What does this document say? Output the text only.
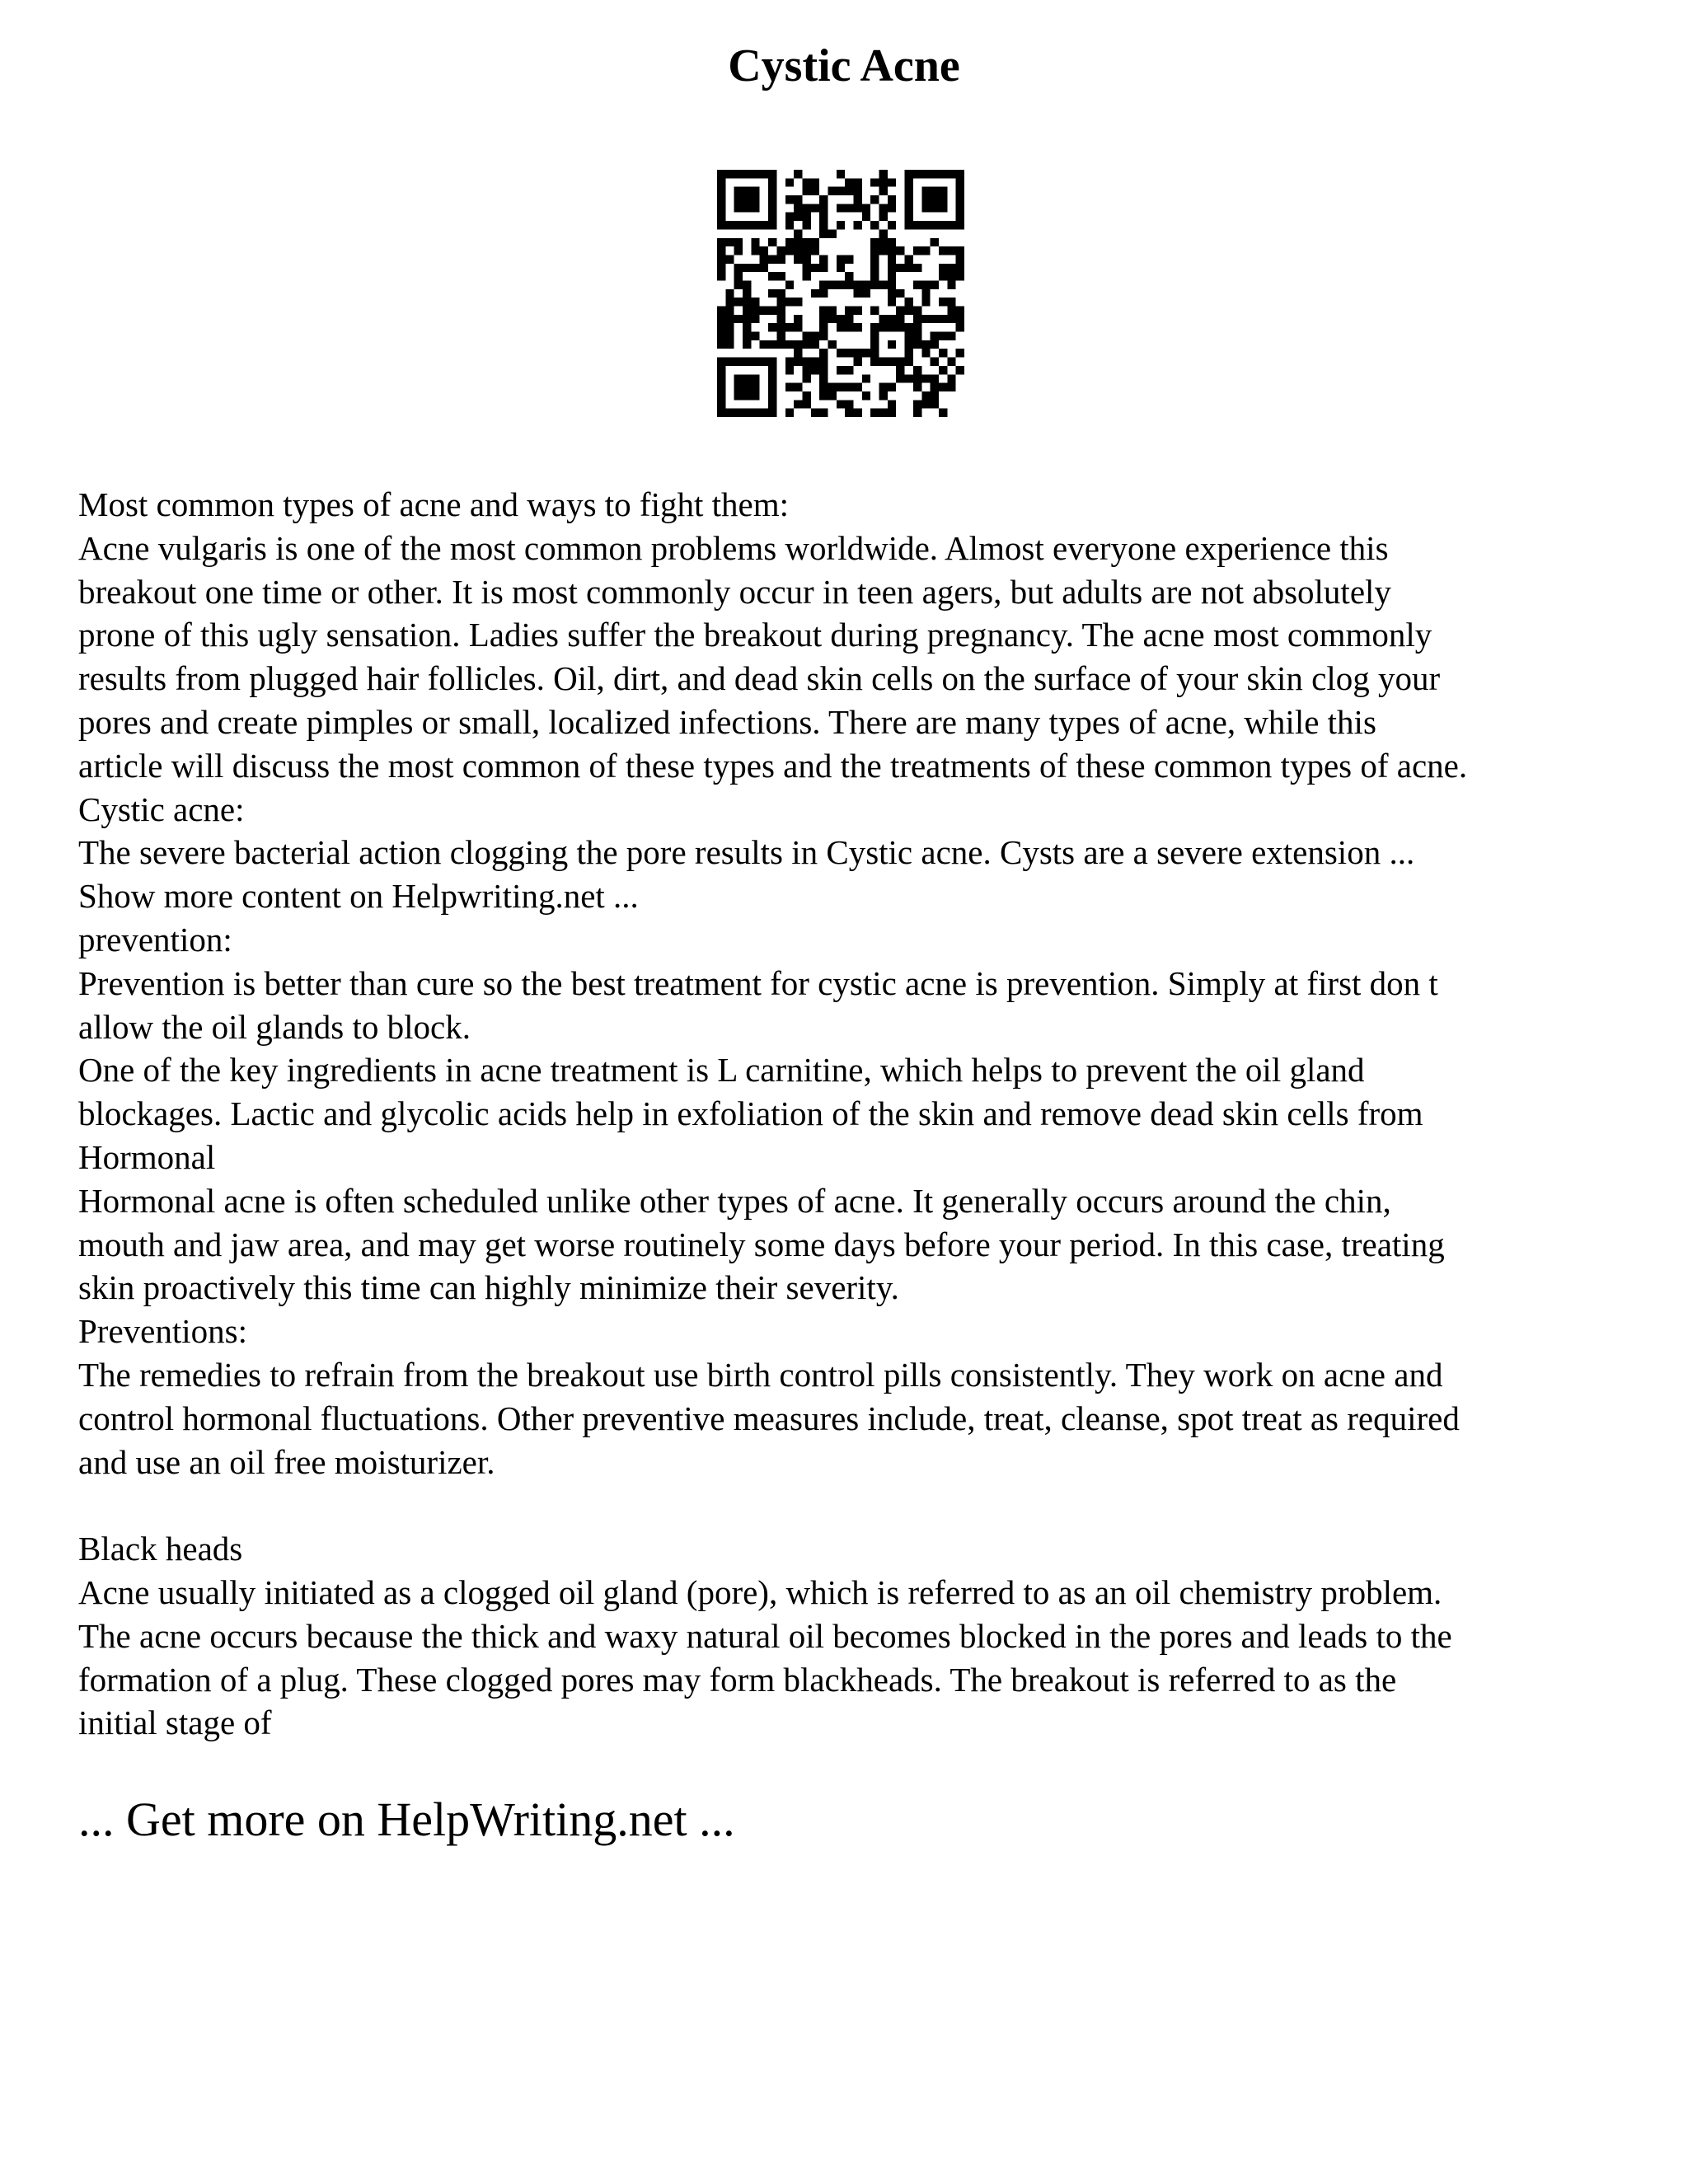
Cystic Acne
Most common types of acne and ways to fight them:
Acne vulgaris is one of the most common problems worldwide. Almost everyone experience this
breakout one time or other. It is most commonly occur in teen agers, but adults are not absolutely
prone of this ugly sensation. Ladies suffer the breakout during pregnancy. The acne most commonly
results from plugged hair follicles. Oil, dirt, and dead skin cells on the surface of your skin clog your
pores and create pimples or small, localized infections. There are many types of acne, while this
article will discuss the most common of these types and the treatments of these common types of acne.
Cystic acne:
The severe bacterial action clogging the pore results in Cystic acne. Cysts are a severe extension ...
Show more content on Helpwriting.net ...
prevention:
Prevention is better than cure so the best treatment for cystic acne is prevention. Simply at first don t
allow the oil glands to block.
One of the key ingredients in acne treatment is L carnitine, which helps to prevent the oil gland
blockages. Lactic and glycolic acids help in exfoliation of the skin and remove dead skin cells from
Hormonal
Hormonal acne is often scheduled unlike other types of acne. It generally occurs around the chin,
mouth and jaw area, and may get worse routinely some days before your period. In this case, treating
skin proactively this time can highly minimize their severity.
Preventions:
The remedies to refrain from the breakout use birth control pills consistently. They work on acne and
control hormonal fluctuations. Other preventive measures include, treat, cleanse, spot treat as required
and use an oil free moisturizer.
Black heads
Acne usually initiated as a clogged oil gland (pore), which is referred to as an oil chemistry problem.
The acne occurs because the thick and waxy natural oil becomes blocked in the pores and leads to the
formation of a plug. These clogged pores may form blackheads. The breakout is referred to as the
initial stage of
... Get more on HelpWriting.net ...
